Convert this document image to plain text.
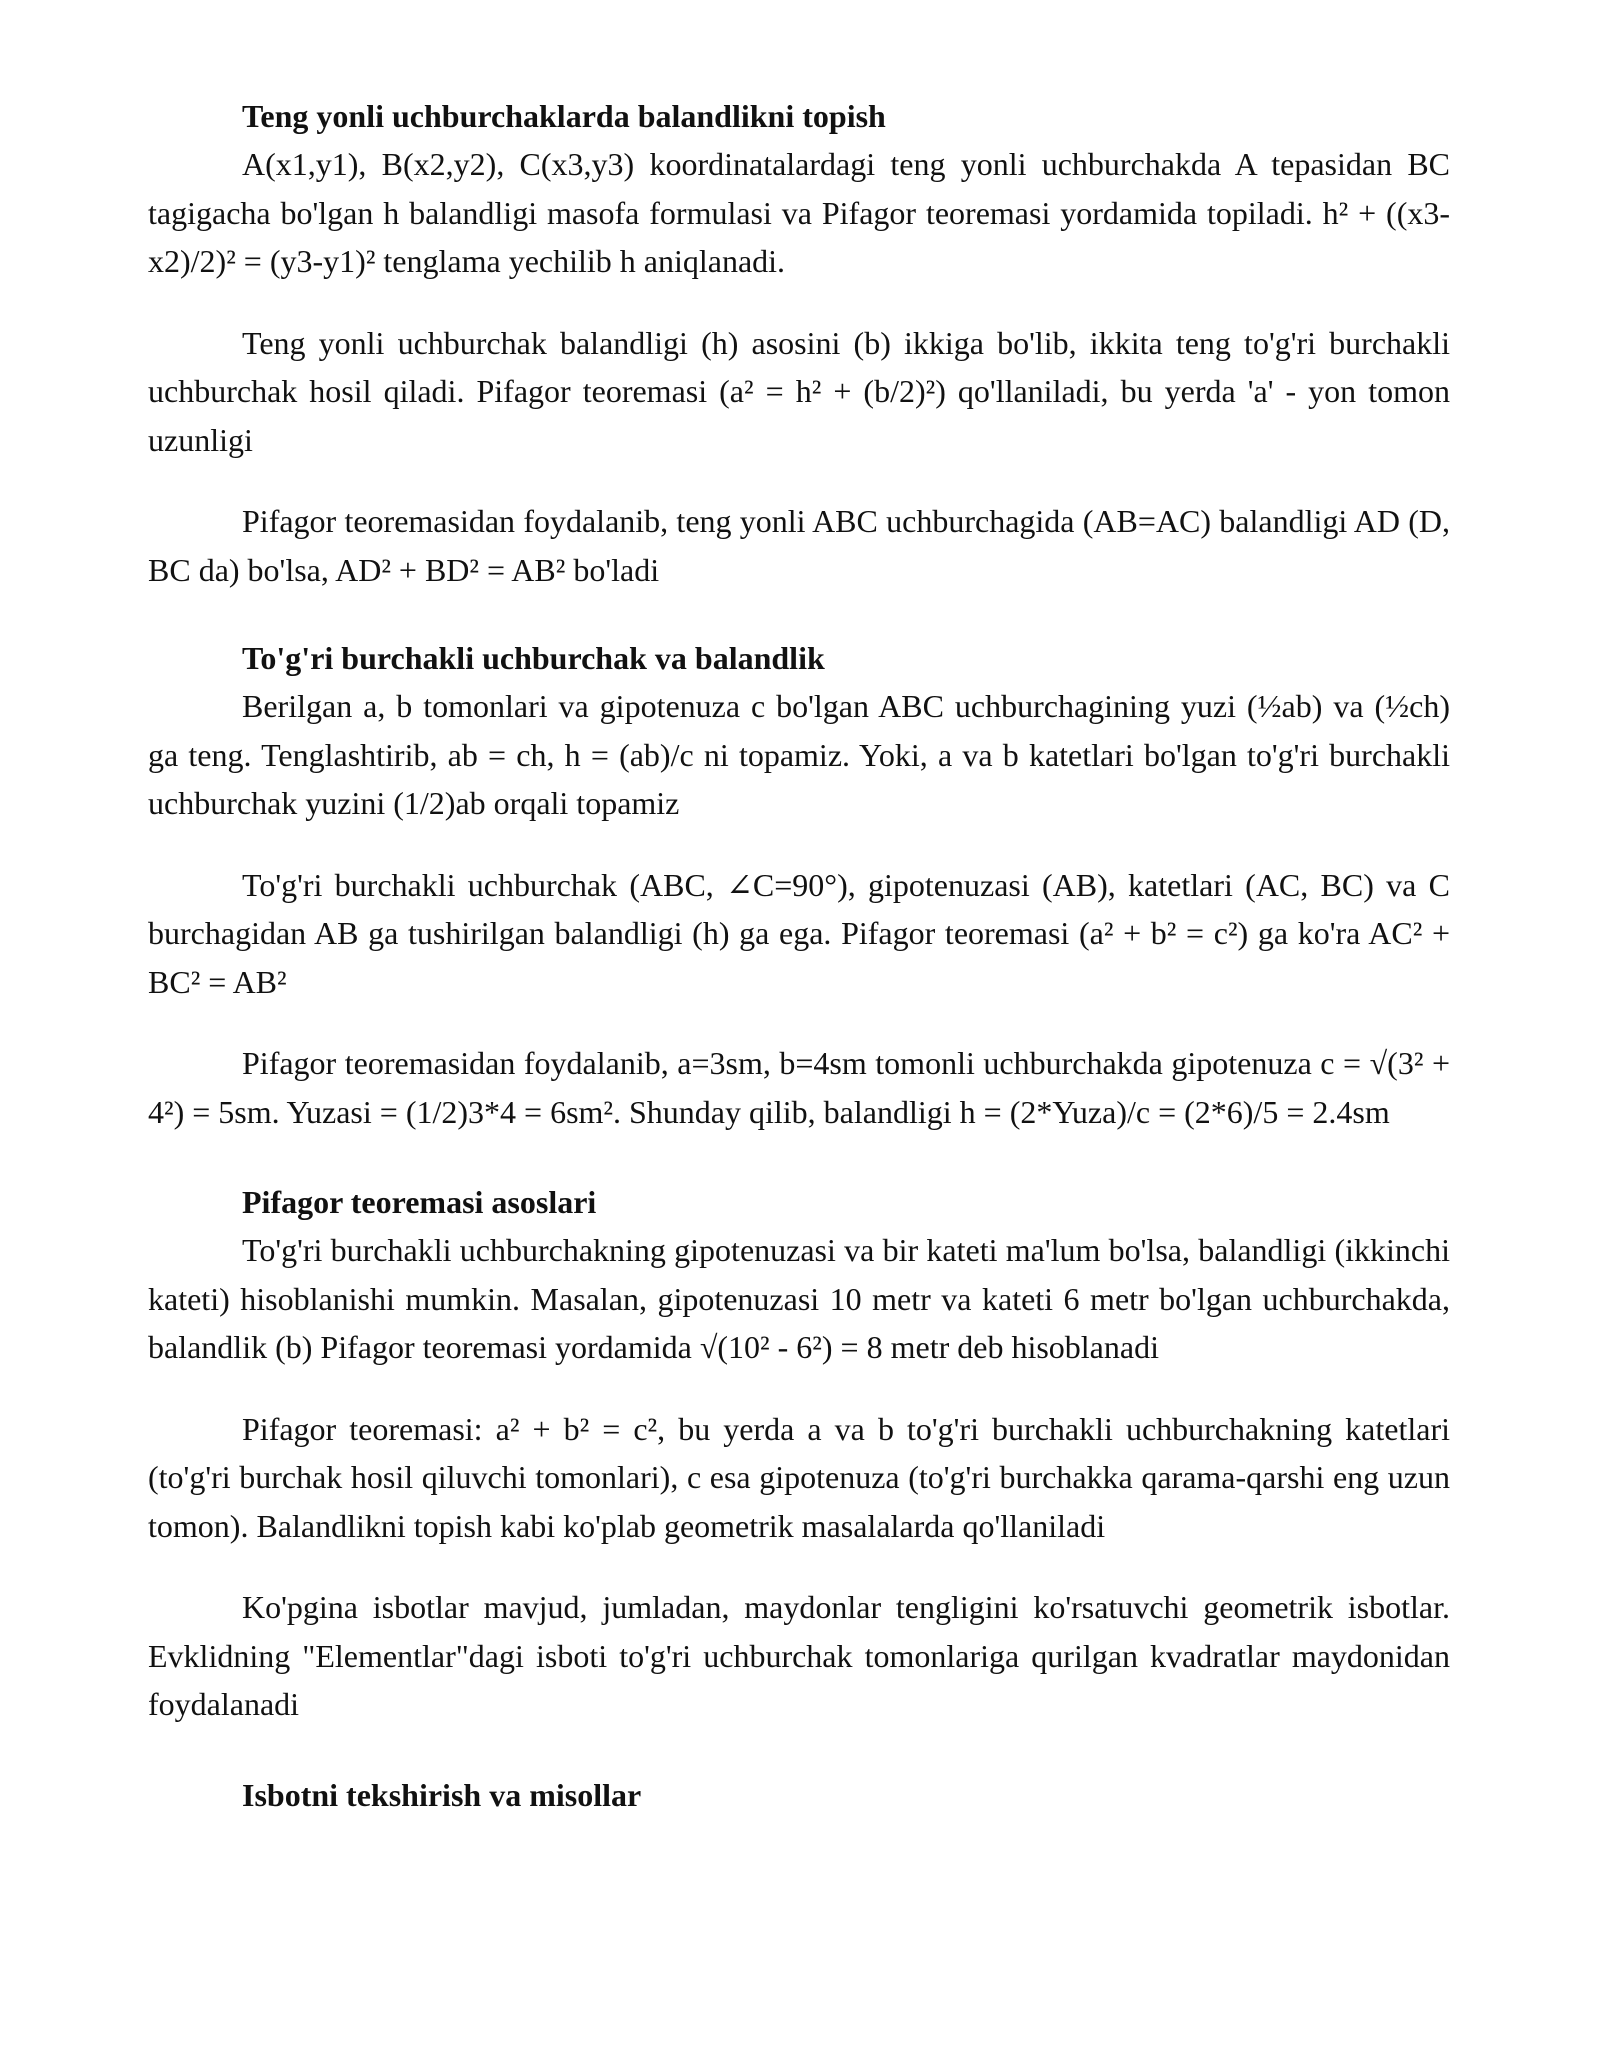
Teng yonli uchburchaklarda balandlikni topish

A(x1,y1), B(x2,y2), C(x3,y3) koordinatalardagi teng yonli uchburchakda A tepasidan BC tagigacha bo'lgan h balandligi masofa formulasi va Pifagor teoremasi yordamida topiladi. h² + ((x3-x2)/2)² = (y3-y1)² tenglama yechilib h aniqlanadi.

Teng yonli uchburchak balandligi (h) asosini (b) ikkiga bo'lib, ikkita teng to'g'ri burchakli uchburchak hosil qiladi. Pifagor teoremasi (a² = h² + (b/2)²) qo'llaniladi, bu yerda 'a' - yon tomon uzunligi

Pifagor teoremasidan foydalanib, teng yonli ABC uchburchagida (AB=AC) balandligi AD (D, BC da) bo'lsa, AD² + BD² = AB² bo'ladi

To'g'ri burchakli uchburchak va balandlik

Berilgan a, b tomonlari va gipotenuza c bo'lgan ABC uchburchagining yuzi (½ab) va (½ch) ga teng. Tenglashtirib, ab = ch, h = (ab)/c ni topamiz. Yoki, a va b katetlari bo'lgan to'g'ri burchakli uchburchak yuzini (1/2)ab orqali topamiz

To'g'ri burchakli uchburchak (ABC, ∠C=90°), gipotenuzasi (AB), katetlari (AC, BC) va C burchagidan AB ga tushirilgan balandligi (h) ga ega. Pifagor teoremasi (a² + b² = c²) ga ko'ra AC² + BC² = AB²

Pifagor teoremasidan foydalanib, a=3sm, b=4sm tomonli uchburchakda gipotenuza c = √(3² + 4²) = 5sm. Yuzasi = (1/2)3*4 = 6sm². Shunday qilib, balandligi h = (2*Yuza)/c = (2*6)/5 = 2.4sm

Pifagor teoremasi asoslari

To'g'ri burchakli uchburchakning gipotenuzasi va bir kateti ma'lum bo'lsa, balandligi (ikkinchi kateti) hisoblanishi mumkin. Masalan, gipotenuzasi 10 metr va kateti 6 metr bo'lgan uchburchakda, balandlik (b) Pifagor teoremasi yordamida √(10² - 6²) = 8 metr deb hisoblanadi

Pifagor teoremasi: a² + b² = c², bu yerda a va b to'g'ri burchakli uchburchakning katetlari (to'g'ri burchak hosil qiluvchi tomonlari), c esa gipotenuza (to'g'ri burchakka qarama-qarshi eng uzun tomon). Balandlikni topish kabi ko'plab geometrik masalalarda qo'llaniladi

Ko'pgina isbotlar mavjud, jumladan, maydonlar tengligini ko'rsatuvchi geometrik isbotlar. Evklidning "Elementlar"dagi isboti to'g'ri uchburchak tomonlariga qurilgan kvadratlar maydonidan foydalanadi

Isbotni tekshirish va misollar
